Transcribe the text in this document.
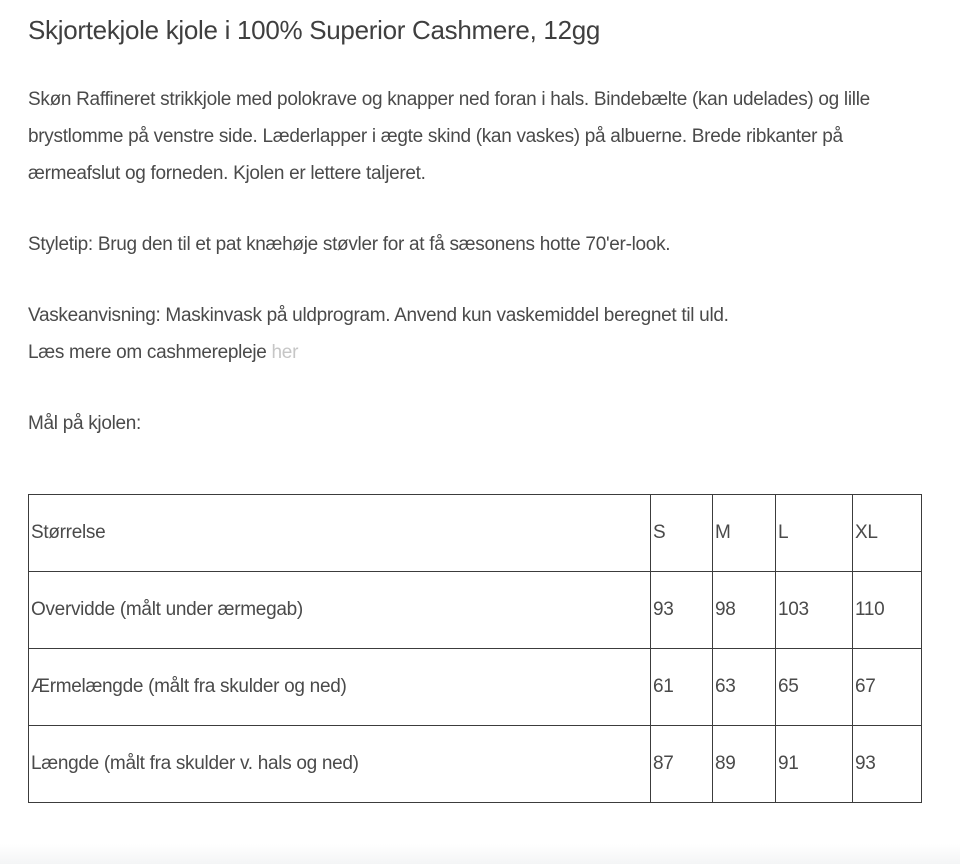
Skjortekjole kjole i 100% Superior Cashmere, 12gg

Skøn Raffineret strikkjole med polokrave og knapper ned foran i hals. Bindebælte (kan udelades) og lille brystlomme på venstre side. Læderlapper i ægte skind (kan vaskes) på albuerne. Brede ribkanter på ærmeafslut og forneden. Kjolen er lettere taljeret.

Styletip: Brug den til et pat knæhøje støvler for at få sæsonens hotte 70'er-look.

Vaskeanvisning: Maskinvask på uldprogram. Anvend kun vaskemiddel beregnet til uld.
Læs mere om cashmerepleje her

Mål på kjolen:

Størrelse	S	M	L	XL
Overvidde (målt under ærmegab)	93	98	103	110
Ærmelængde (målt fra skulder og ned)	61	63	65	67
Længde (målt fra skulder v. hals og ned)	87	89	91	93
